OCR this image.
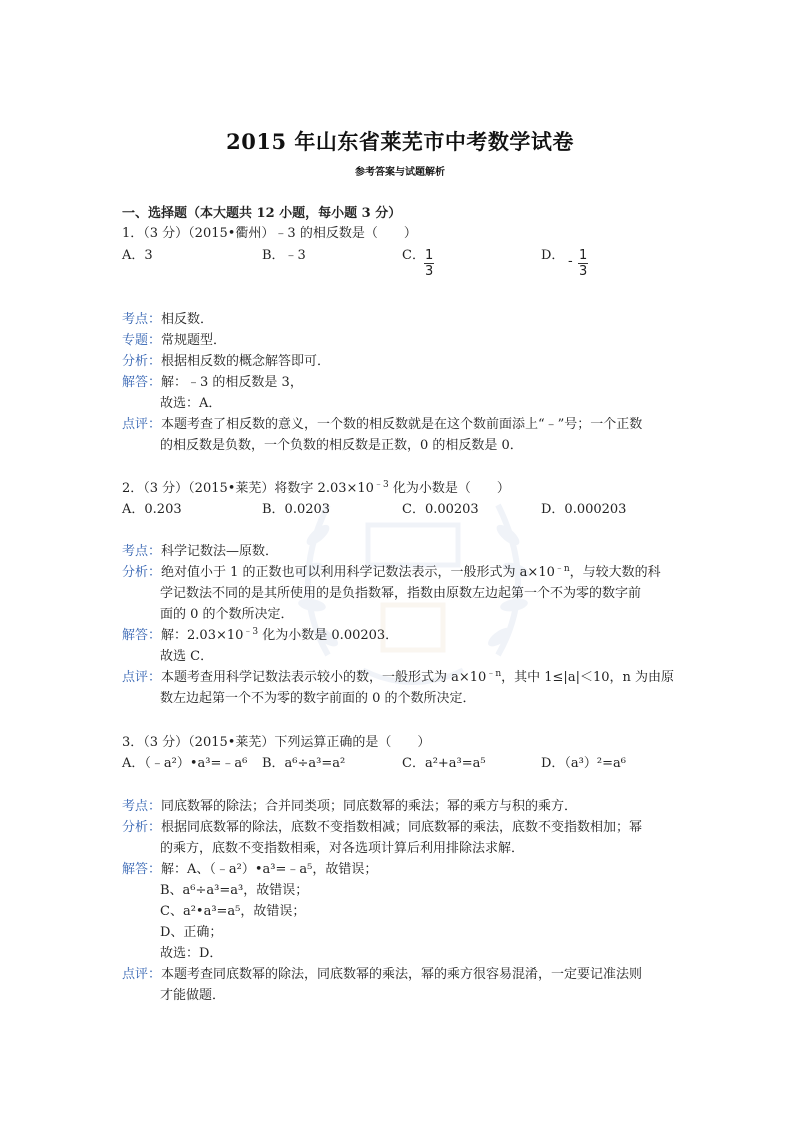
2015 年山东省莱芜市中考数学试卷
参考答案与试题解析
一、选择题（本大题共 12 小题，每小题 3 分）
1．（3 分）（2015•衢州）﹣3 的相反数是（　　）
A．3	B．﹣3	C． $\frac{1}{3}$	D． - $\frac{1}{3}$
考点：相反数．
专题：常规题型．
分析：根据相反数的概念解答即可．
解答：解：﹣3 的相反数是 3，
故选：A．
点评：本题考查了相反数的意义，一个数的相反数就是在这个数前面添上“﹣”号；一个正数
的相反数是负数，一个负数的相反数是正数，0 的相反数是 0．
2．（3 分）（2015•莱芜）将数字 $2.03\times 10^{﹣3}$ 化为小数是（　　）
A．0.203	B．0.0203	C．0.00203	D．0.000203
考点：科学记数法—原数．
分析：绝对值小于 1 的正数也可以利用科学记数法表示，一般形式为 $a\times 10^{﹣n}$，与较大数的科
学记数法不同的是其所使用的是负指数幂，指数由原数左边起第一个不为零的数字前
面的 0 的个数所决定．
解答：解：$2.03\times 10^{﹣3}$ 化为小数是 0.00203．
故选 C．
点评：本题考查用科学记数法表示较小的数，一般形式为 $a\times 10^{﹣n}$，其中 1≤|a|＜10，n 为由原
数左边起第一个不为零的数字前面的 0 的个数所决定．
3．（3 分）（2015•莱芜）下列运算正确的是（　　）
A．（﹣a²）•a³=﹣a⁶ B．a⁶÷a³=a²	C．a²+a³=a⁵	D．（a³）²=a⁶
考点：同底数幂的除法；合并同类项；同底数幂的乘法；幂的乘方与积的乘方．
分析：根据同底数幂的除法，底数不变指数相减；同底数幂的乘法，底数不变指数相加；幂
的乘方，底数不变指数相乘，对各选项计算后利用排除法求解．
解答：解：A、（﹣a²）•a³=﹣a⁵，故错误；
B、a⁶÷a³=a³，故错误；
C、a²•a³=a⁵，故错误；
D、正确；
故选：D．
点评：本题考查同底数幂的除法，同底数幂的乘法，幂的乘方很容易混淆，一定要记准法则
才能做题．
